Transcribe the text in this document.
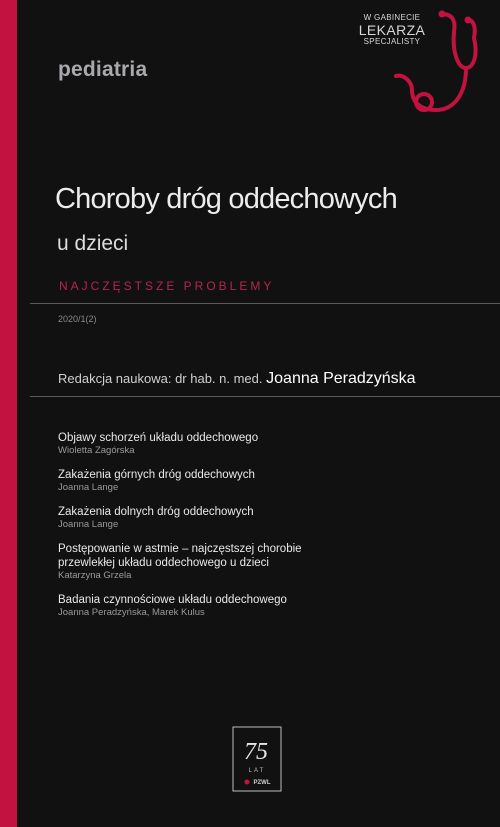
pediatria
W GABINECIE
LEKARZA
SPECJALISTY
Choroby dróg oddechowych
u dzieci
NAJCZĘSTSZE PROBLEMY
2020/1(2)
Redakcja naukowa: dr hab. n. med. Joanna Peradzyńska
Objawy schorzeń układu oddechowego
Wioletta Zagórska
Zakażenia górnych dróg oddechowych
Joanna Lange
Zakażenia dolnych dróg oddechowych
Joanna Lange
Postępowanie w astmie – najczęstszej chorobie
przewlekłej układu oddechowego u dzieci
Katarzyna Grzela
Badania czynnościowe układu oddechowego
Joanna Peradzyńska, Marek Kulus
75
LAT
PZWL
